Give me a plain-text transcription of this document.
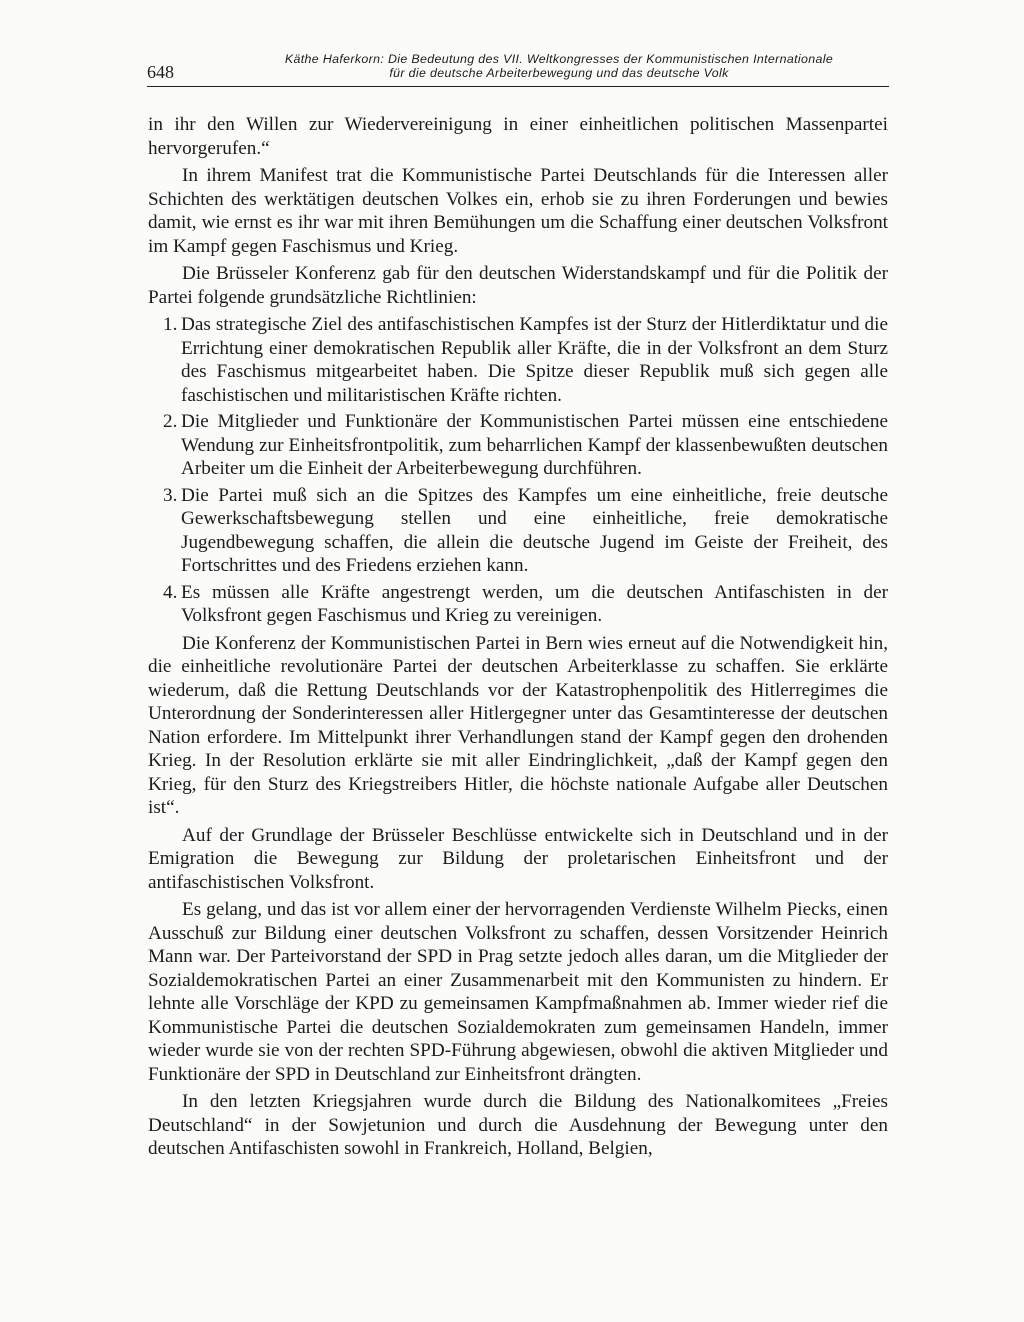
648
Käthe Haferkorn: Die Bedeutung des VII. Weltkongresses der Kommunistischen Internationale
für die deutsche Arbeiterbewegung und das deutsche Volk

in ihr den Willen zur Wiedervereinigung in einer einheitlichen politischen Massenpartei hervorgerufen.“

In ihrem Manifest trat die Kommunistische Partei Deutschlands für die Interessen aller Schichten des werktätigen deutschen Volkes ein, erhob sie zu ihren Forderungen und bewies damit, wie ernst es ihr war mit ihren Bemühungen um die Schaffung einer deutschen Volksfront im Kampf gegen Faschismus und Krieg.

Die Brüsseler Konferenz gab für den deutschen Widerstandskampf und für die Politik der Partei folgende grundsätzliche Richtlinien:

1. Das strategische Ziel des antifaschistischen Kampfes ist der Sturz der Hitlerdiktatur und die Errichtung einer demokratischen Republik aller Kräfte, die in der Volksfront an dem Sturz des Faschismus mitgearbeitet haben. Die Spitze dieser Republik muß sich gegen alle faschistischen und militaristischen Kräfte richten.
2. Die Mitglieder und Funktionäre der Kommunistischen Partei müssen eine entschiedene Wendung zur Einheitsfrontpolitik, zum beharrlichen Kampf der klassenbewußten deutschen Arbeiter um die Einheit der Arbeiterbewegung durchführen.
3. Die Partei muß sich an die Spitzes des Kampfes um eine einheitliche, freie deutsche Gewerkschaftsbewegung stellen und eine einheitliche, freie demokratische Jugendbewegung schaffen, die allein die deutsche Jugend im Geiste der Freiheit, des Fortschrittes und des Friedens erziehen kann.
4. Es müssen alle Kräfte angestrengt werden, um die deutschen Antifaschisten in der Volksfront gegen Faschismus und Krieg zu vereinigen.

Die Konferenz der Kommunistischen Partei in Bern wies erneut auf die Notwendigkeit hin, die einheitliche revolutionäre Partei der deutschen Arbeiterklasse zu schaffen. Sie erklärte wiederum, daß die Rettung Deutschlands vor der Katastrophenpolitik des Hitlerregimes die Unterordnung der Sonderinteressen aller Hitlergegner unter das Gesamtinteresse der deutschen Nation erfordere. Im Mittelpunkt ihrer Verhandlungen stand der Kampf gegen den drohenden Krieg. In der Resolution erklärte sie mit aller Eindringlichkeit, „daß der Kampf gegen den Krieg, für den Sturz des Kriegstreibers Hitler, die höchste nationale Aufgabe aller Deutschen ist“.

Auf der Grundlage der Brüsseler Beschlüsse entwickelte sich in Deutschland und in der Emigration die Bewegung zur Bildung der proletarischen Einheitsfront und der antifaschistischen Volksfront.

Es gelang, und das ist vor allem einer der hervorragenden Verdienste Wilhelm Piecks, einen Ausschuß zur Bildung einer deutschen Volksfront zu schaffen, dessen Vorsitzender Heinrich Mann war. Der Parteivorstand der SPD in Prag setzte jedoch alles daran, um die Mitglieder der Sozialdemokratischen Partei an einer Zusammenarbeit mit den Kommunisten zu hindern. Er lehnte alle Vorschläge der KPD zu gemeinsamen Kampfmaßnahmen ab. Immer wieder rief die Kommunistische Partei die deutschen Sozialdemokraten zum gemeinsamen Handeln, immer wieder wurde sie von der rechten SPD-Führung abgewiesen, obwohl die aktiven Mitglieder und Funktionäre der SPD in Deutschland zur Einheitsfront drängten.

In den letzten Kriegsjahren wurde durch die Bildung des Nationalkomitees „Freies Deutschland“ in der Sowjetunion und durch die Ausdehnung der Bewegung unter den deutschen Antifaschisten sowohl in Frankreich, Holland, Belgien,
